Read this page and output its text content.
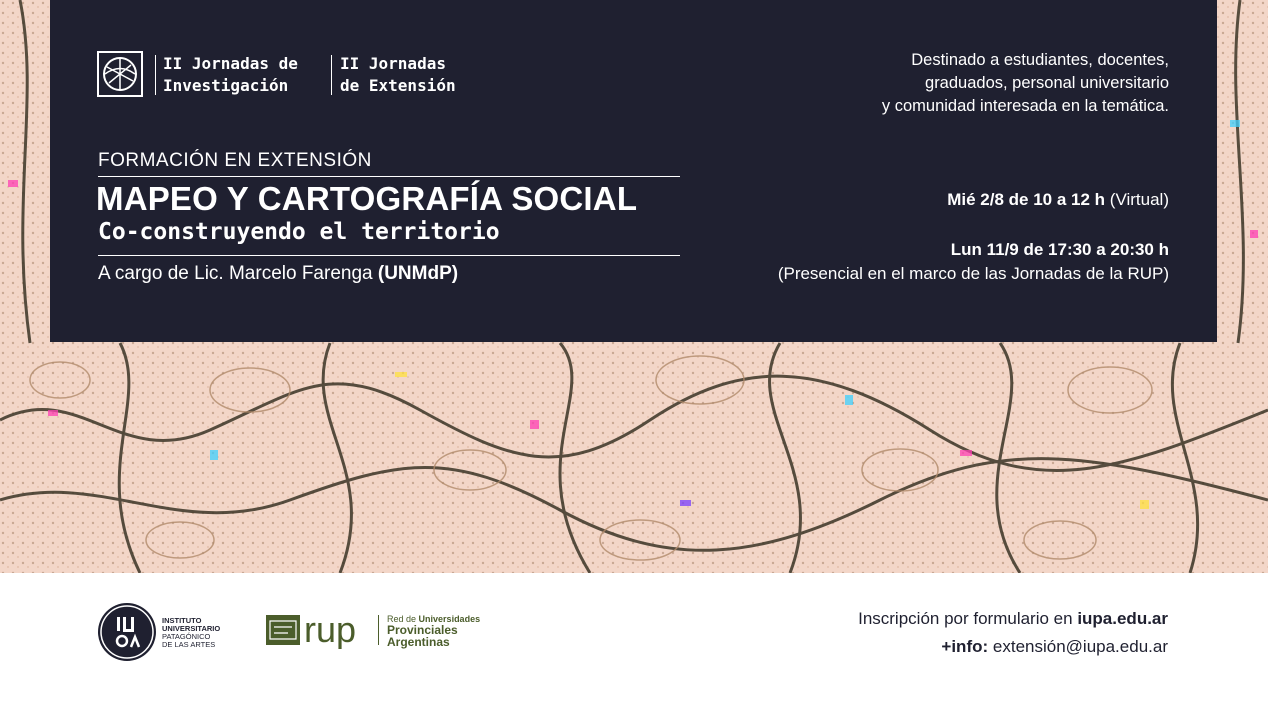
II Jornadas de
Investigación
II Jornadas
de Extensión
FORMACIÓN EN EXTENSIÓN
MAPEO Y CARTOGRAFÍA SOCIAL
Co-construyendo el territorio
A cargo de Lic. Marcelo Farenga (UNMdP)
Destinado a estudiantes, docentes,
graduados, personal universitario
y comunidad interesada en la temática.
Mié 2/8 de 10 a 12 h (Virtual)
Lun 11/9 de 17:30 a 20:30 h
(Presencial en el marco de las Jornadas de la RUP)
INSTITUTO
UNIVERSITARIO
PATAGÓNICO
DE LAS ARTES rup	Red de Universidades
Provinciales
Argentinas
Inscripción por formulario en iupa.edu.ar
+info: extensión@iupa.edu.ar
